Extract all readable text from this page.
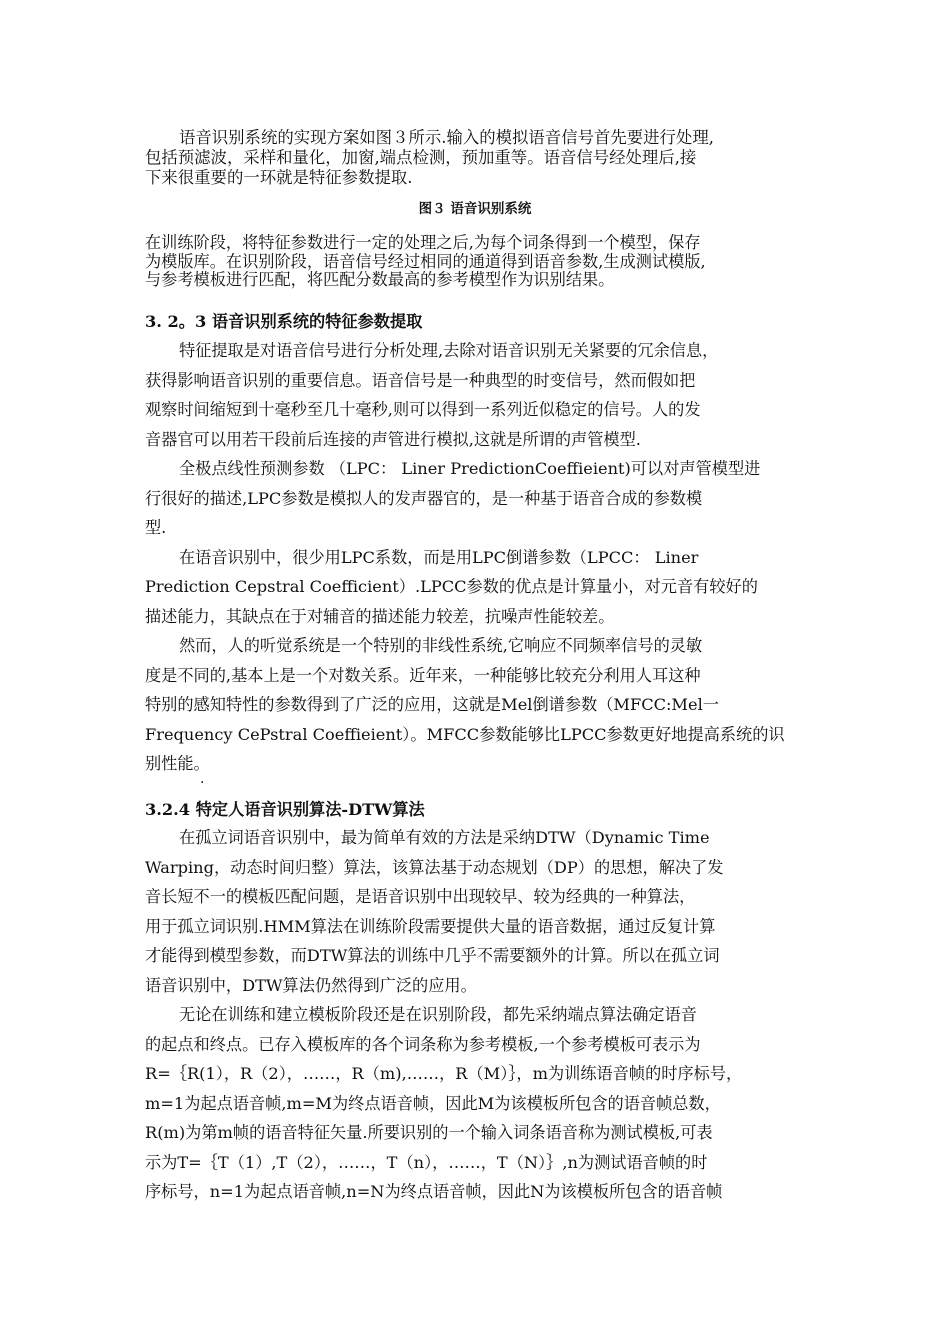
语音识别系统的实现方案如图３所示.输入的模拟语音信号首先要进行处理,
包括预滤波，采样和量化，加窗,端点检测，预加重等。语音信号经处理后,接
下来很重要的一环就是特征参数提取.
图３ 语音识别系统
在训练阶段，将特征参数进行一定的处理之后,为每个词条得到一个模型，保存
为模版库。在识别阶段，语音信号经过相同的通道得到语音参数,生成测试模版,
与参考模板进行匹配，将匹配分数最高的参考模型作为识别结果。
3. 2。3 语音识别系统的特征参数提取
特征提取是对语音信号进行分析处理,去除对语音识别无关紧要的冗余信息，
获得影响语音识别的重要信息。语音信号是一种典型的时变信号，然而假如把
观察时间缩短到十毫秒至几十毫秒,则可以得到一系列近似稳定的信号。人的发
音器官可以用若干段前后连接的声管进行模拟,这就是所谓的声管模型.
全极点线性预测参数 （LPC： Liner PredictionCoeffieient)可以对声管模型进
行很好的描述,LPC参数是模拟人的发声器官的，是一种基于语音合成的参数模
型.
在语音识别中，很少用LPC系数，而是用LPC倒谱参数（LPCC： Liner
Prediction Cepstral Coefficient）.LPCC参数的优点是计算量小，对元音有较好的
描述能力，其缺点在于对辅音的描述能力较差，抗噪声性能较差。
然而，人的听觉系统是一个特别的非线性系统,它响应不同频率信号的灵敏
度是不同的,基本上是一个对数关系。近年来，一种能够比较充分利用人耳这种
特别的感知特性的参数得到了广泛的应用，这就是Mel倒谱参数（MFCC:Mel一
Frequency CePstral Coeffieient）。MFCC参数能够比LPCC参数更好地提高系统的识
别性能。
.
3.2.4 特定人语音识别算法-DTW算法
在孤立词语音识别中，最为简单有效的方法是采纳DTW（Dynamic Time
Warping，动态时间归整）算法，该算法基于动态规划（DP）的思想，解决了发
音长短不一的模板匹配问题，是语音识别中出现较早、较为经典的一种算法，
用于孤立词识别.HMM算法在训练阶段需要提供大量的语音数据，通过反复计算
才能得到模型参数，而DTW算法的训练中几乎不需要额外的计算。所以在孤立词
语音识别中，DTW算法仍然得到广泛的应用。
无论在训练和建立模板阶段还是在识别阶段，都先采纳端点算法确定语音
的起点和终点。已存入模板库的各个词条称为参考模板,一个参考模板可表示为
R=｛R(1），R（2），……，R（m),……，R（M）｝，m为训练语音帧的时序标号，
m=1为起点语音帧,m=M为终点语音帧，因此M为该模板所包含的语音帧总数，
R(m)为第m帧的语音特征矢量.所要识别的一个输入词条语音称为测试模板,可表
示为T=｛T（1）,T（2），……，T（n），……，T（N）｝,n为测试语音帧的时
序标号，n=1为起点语音帧,n=N为终点语音帧，因此N为该模板所包含的语音帧
